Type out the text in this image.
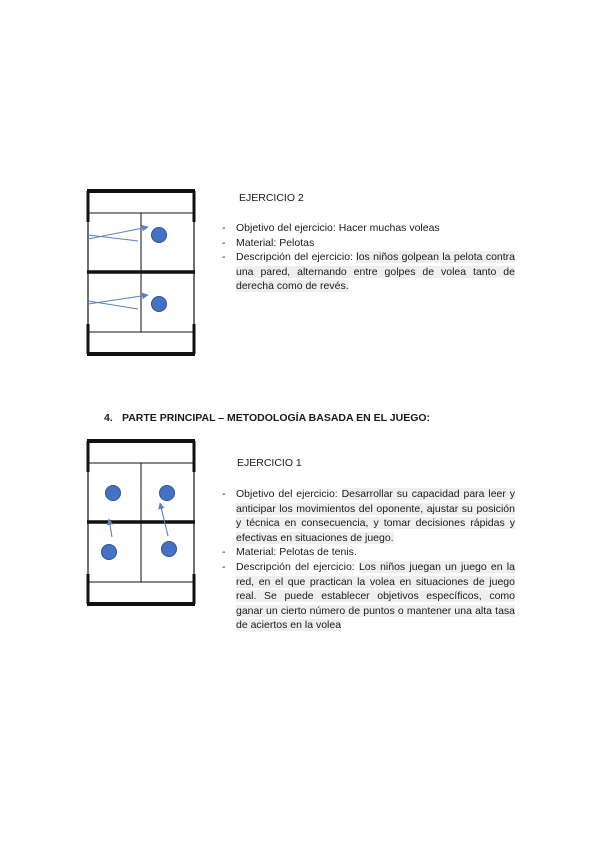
EJERCICIO 2
- Objetivo del ejercicio: Hacer muchas voleas
- Material: Pelotas
- Descripción del ejercicio: los niños golpean la pelota contra una pared, alternando entre golpes de volea tanto de derecha como de revés.
4. PARTE PRINCIPAL – METODOLOGÍA BASADA EN EL JUEGO:
EJERCICIO 1
- Objetivo del ejercicio: Desarrollar su capacidad para leer y anticipar los movimientos del oponente, ajustar su posición y técnica en consecuencia, y tomar decisiones rápidas y efectivas en situaciones de juego.
- Material: Pelotas de tenis.
- Descripción del ejercicio: Los niños juegan un juego en la red, en el que practican la volea en situaciones de juego real. Se puede establecer objetivos específicos, como ganar un cierto número de puntos o mantener una alta tasa de aciertos en la volea
